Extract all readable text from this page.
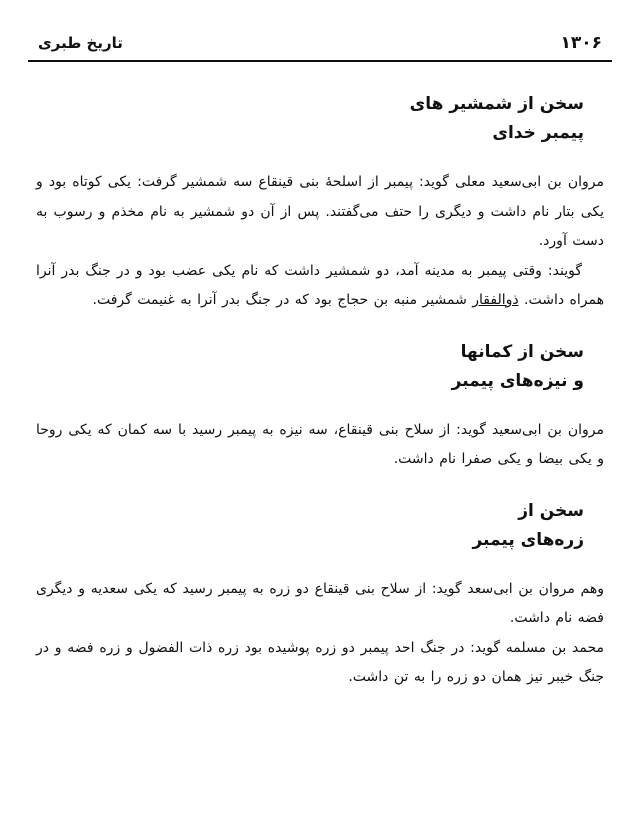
۱۳۰۶
تاریخ طبری
سخن از شمشیر های
پیمبر خدای

مروان بن ابی‌سعید معلی گوید: پیمبر از اسلحهٔ بنی قینقاع سه شمشیر گرفت: یکی کوتاه بود و یکی بتار نام داشت و دیگری را حتف می‌گفتند. پس از آن دو شمشیر به نام مخذم و رسوب به دست آورد.

گویند: وقتی پیمبر به مدینه آمد، دو شمشیر داشت که نام یکی عضب بود و در جنگ بدر آنرا همراه داشت. ذوالفقار شمشیر منبه بن حجاج بود که در جنگ بدر آنرا به غنیمت گرفت.

سخن از کمانها
و نیزه‌های پیمبر

مروان بن ابی‌سعید گوید: از سلاح بنی قینقاع، سه نیزه به پیمبر رسید با سه کمان که یکی روحا و یکی بیضا و یکی صفرا نام داشت.

سخن از
زره‌های پیمبر

وهم مروان بن ابی‌سعد گوید: از سلاح بنی قینقاع دو زره به پیمبر رسید که یکی سعدیه و دیگری فضه نام داشت.

محمد بن مسلمه گوید: در جنگ احد پیمبر دو زره پوشیده بود زره ذات الفضول و زره فضه و در جنگ خیبر نیز همان دو زره را به تن داشت.
